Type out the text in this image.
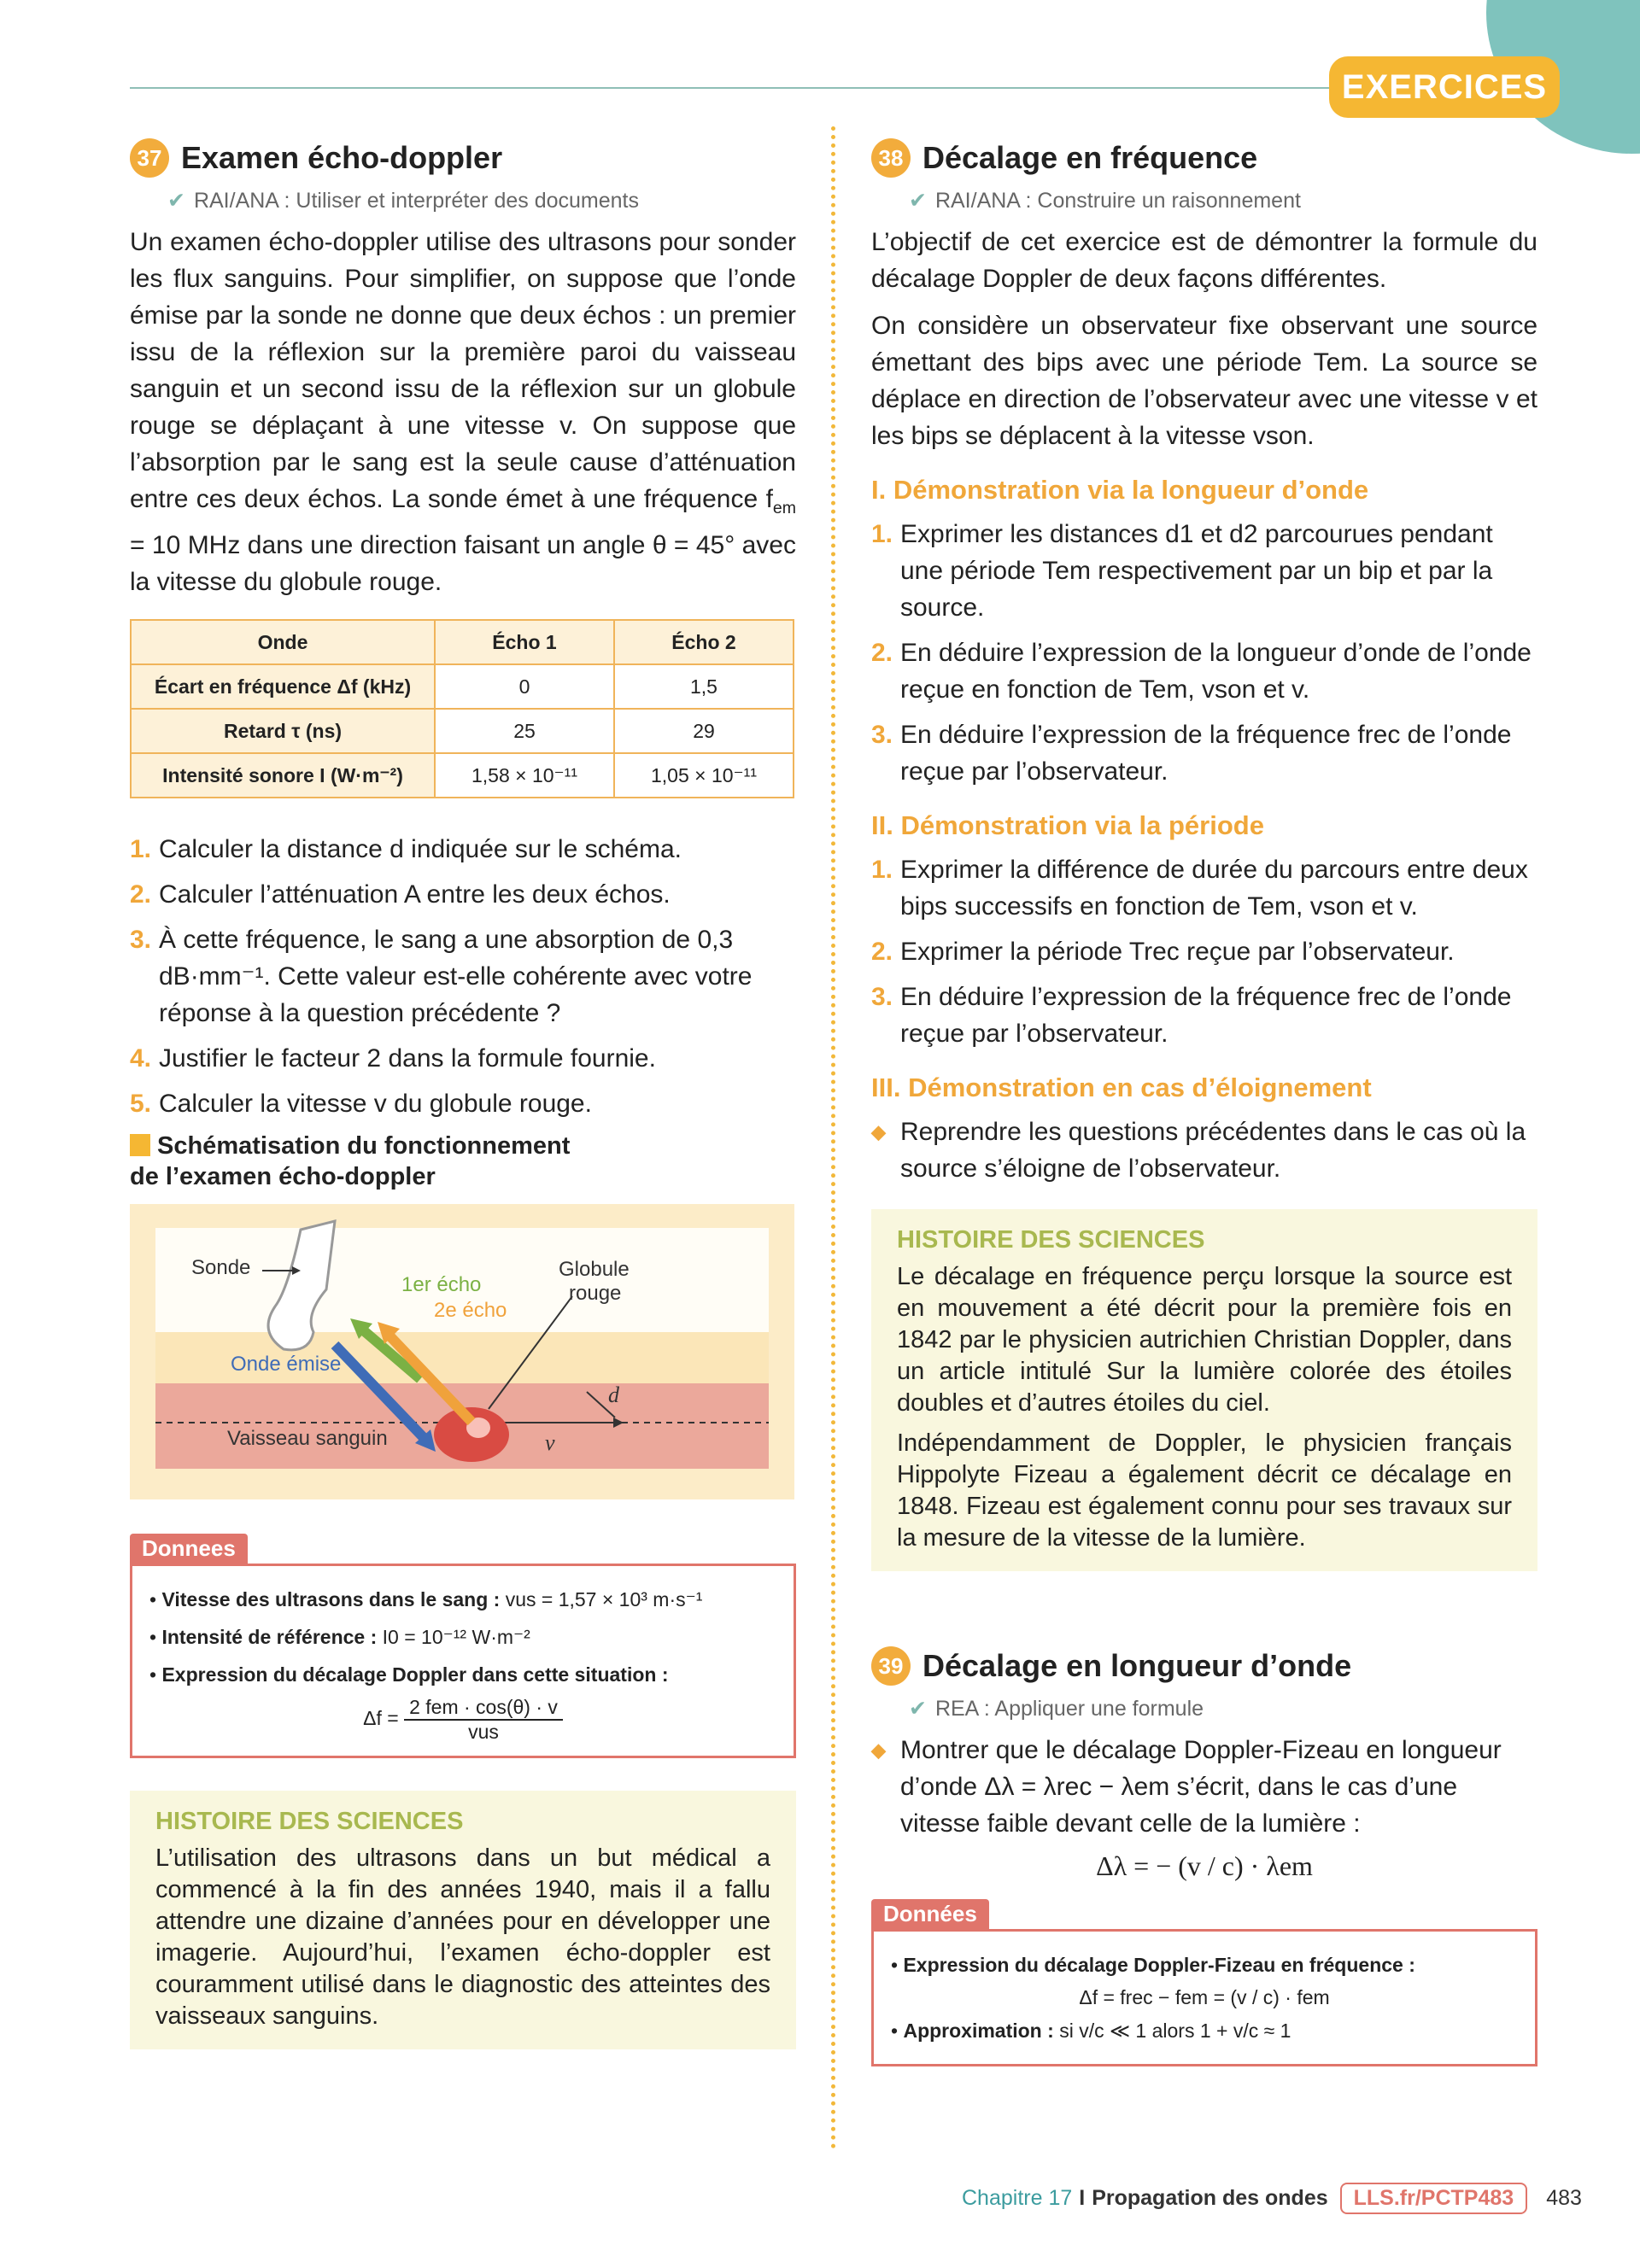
EXERCICES
37 Examen écho-doppler
✔ RAI/ANA : Utiliser et interpréter des documents

Un examen écho-doppler utilise des ultrasons pour sonder les flux sanguins. Pour simplifier, on suppose que l’onde émise par la sonde ne donne que deux échos : un premier issu de la réflexion sur la première paroi du vaisseau sanguin et un second issu de la réflexion sur un globule rouge se déplaçant à une vitesse v. On suppose que l’absorption par le sang est la seule cause d’atténuation entre ces deux échos. La sonde émet à une fréquence $f_{em} = 10$ MHz dans une direction faisant un angle θ = 45° avec la vitesse du globule rouge.

Onde	Écho 1	Écho 2
Écart en fréquence Δf (kHz)	0	1,5
Retard τ (ns)	25	29
Intensité sonore I (W·m⁻²)	1,58 × 10⁻¹¹	1,05 × 10⁻¹¹
1. Calculer la distance d indiquée sur le schéma.
2. Calculer l’atténuation A entre les deux échos.
3. À cette fréquence, le sang a une absorption de 0,3 dB·mm⁻¹. Cette valeur est-elle cohérente avec votre réponse à la question précédente ?
4. Justifier le facteur 2 dans la formule fournie.
5. Calculer la vitesse v du globule rouge.
Schématisation du fonctionnement
de l’examen écho-doppler
Sonde
1er écho
2e écho
Globule
rouge
Onde émise
Vaisseau sanguin
d
v
Donnees
• Vitesse des ultrasons dans le sang : vus = 1,57 × 10³ m·s⁻¹
• Intensité de référence : I0 = 10⁻¹² W·m⁻²
• Expression du décalage Doppler dans cette situation :
$\Delta f = \frac{\text{2 fem · cos(θ) · v}}{\text{vus}}$
HISTOIRE DES SCIENCES

L’utilisation des ultrasons dans un but médical a commencé à la fin des années 1940, mais il a fallu attendre une dizaine d’années pour en développer une imagerie. Aujourd’hui, l’examen écho-doppler est couramment utilisé dans le diagnostic des atteintes des vaisseaux sanguins.

38 Décalage en fréquence
✔ RAI/ANA : Construire un raisonnement

L’objectif de cet exercice est de démontrer la formule du décalage Doppler de deux façons différentes.

On considère un observateur fixe observant une source émettant des bips avec une période Tem. La source se déplace en direction de l’observateur avec une vitesse v et les bips se déplacent à la vitesse vson.

I. Démonstration via la longueur d’onde
1. Exprimer les distances d1 et d2 parcourues pendant une période Tem respectivement par un bip et par la source.
2. En déduire l’expression de la longueur d’onde de l’onde reçue en fonction de Tem, vson et v.
3. En déduire l’expression de la fréquence frec de l’onde reçue par l’observateur.
II. Démonstration via la période
1. Exprimer la différence de durée du parcours entre deux bips successifs en fonction de Tem, vson et v.
2. Exprimer la période Trec reçue par l’observateur.
3. En déduire l’expression de la fréquence frec de l’onde reçue par l’observateur.
III. Démonstration en cas d’éloignement
◆ Reprendre les questions précédentes dans le cas où la source s’éloigne de l’observateur.
HISTOIRE DES SCIENCES

Le décalage en fréquence perçu lorsque la source est en mouvement a été décrit pour la première fois en 1842 par le physicien autrichien Christian Doppler, dans un article intitulé Sur la lumière colorée des étoiles doubles et d’autres étoiles du ciel.

Indépendamment de Doppler, le physicien français Hippolyte Fizeau a également décrit ce décalage en 1848. Fizeau est également connu pour ses travaux sur la mesure de la vitesse de la lumière.

39 Décalage en longueur d’onde
✔ REA : Appliquer une formule
◆ Montrer que le décalage Doppler-Fizeau en longueur d’onde Δλ = λrec − λem s’écrit, dans le cas d’une vitesse faible devant celle de la lumière :
Δλ = − (v / c) · λem
Données
• Expression du décalage Doppler-Fizeau en fréquence :
Δf = frec − fem = (v / c) · fem
• Approximation : si v/c ≪ 1 alors 1 + v/c ≈ 1
Chapitre 17 I Propagation des ondes	LLS.fr/PCTP483	483
